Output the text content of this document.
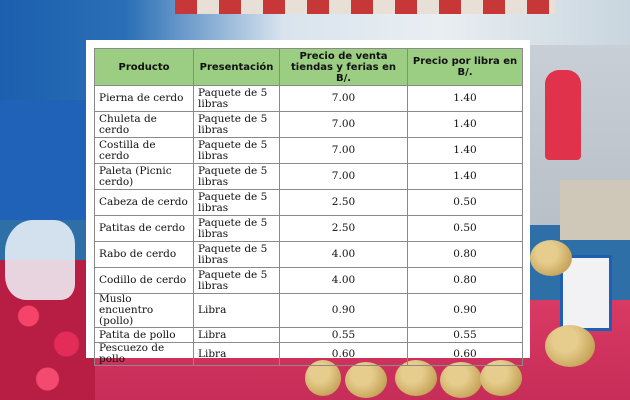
Producto	Presentación	Precio de venta tiendas y ferias en B/.	Precio por libra en B/.
Pierna de cerdo	Paquete de 5 libras	7.00	1.40
Chuleta de cerdo	Paquete de 5 libras	7.00	1.40
Costilla de cerdo	Paquete de 5 libras	7.00	1.40
Paleta (Picnic cerdo)	Paquete de 5 libras	7.00	1.40
Cabeza de cerdo	Paquete de 5 libras	2.50	0.50
Patitas de cerdo	Paquete de 5 libras	2.50	0.50
Rabo de cerdo	Paquete de 5 libras	4.00	0.80
Codillo de cerdo	Paquete de 5 libras	4.00	0.80
Muslo encuentro (pollo)	Libra	0.90	0.90
Patita de pollo	Libra	0.55	0.55
Pescuezo de pollo	Libra	0.60	0.60
